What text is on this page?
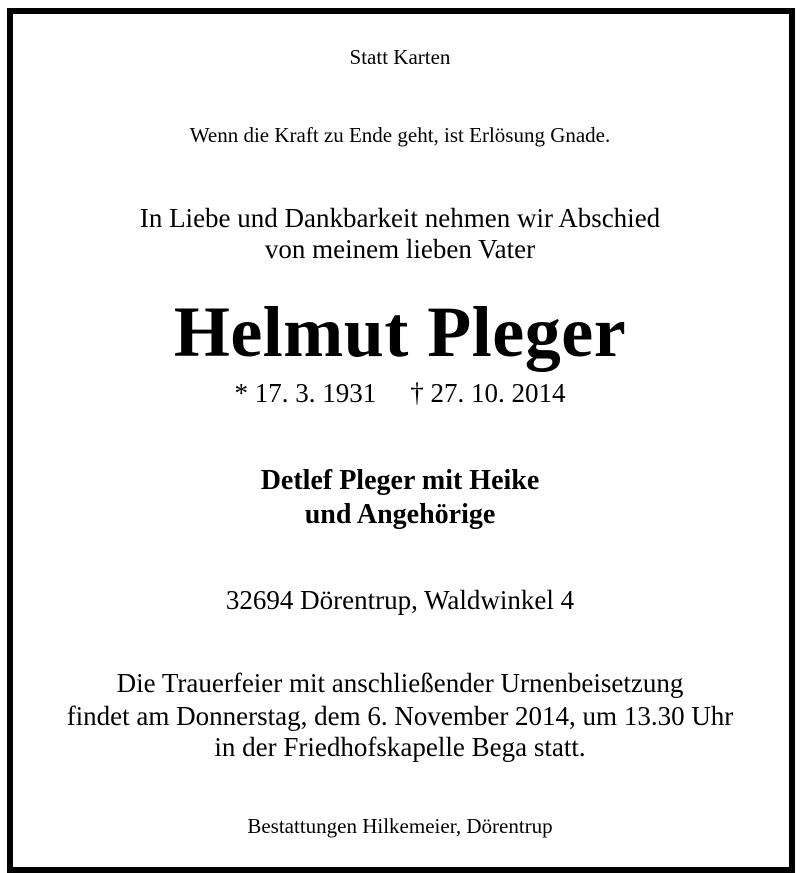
Statt Karten
Wenn die Kraft zu Ende geht, ist Erlösung Gnade.
In Liebe und Dankbarkeit nehmen wir Abschied
von meinem lieben Vater
Helmut Pleger
* 17. 3. 1931 † 27. 10. 2014
Detlef Pleger mit Heike
und Angehörige
32694 Dörentrup, Waldwinkel 4
Die Trauerfeier mit anschließender Urnenbeisetzung
findet am Donnerstag, dem 6. November 2014, um 13.30 Uhr
in der Friedhofskapelle Bega statt.
Bestattungen Hilkemeier, Dörentrup
